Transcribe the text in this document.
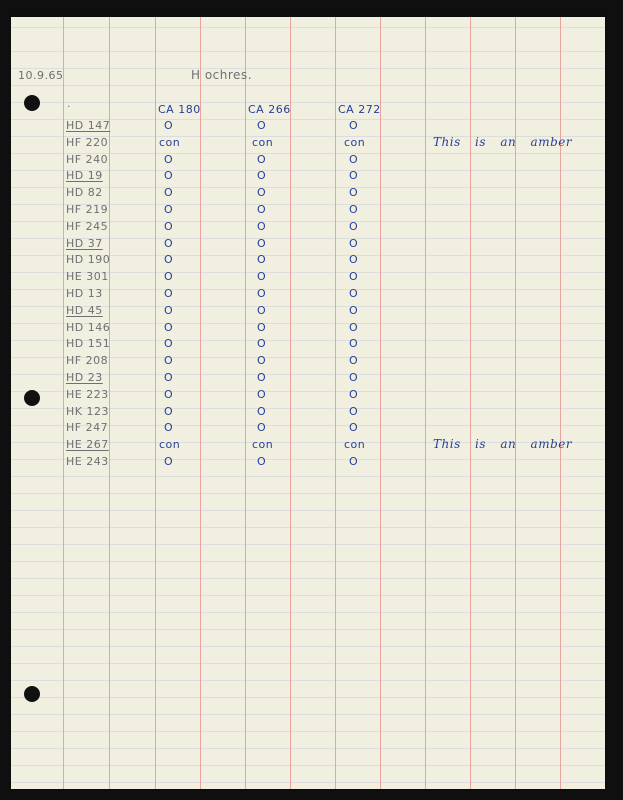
10.9.65	H ochres.
·	CA 180	CA 266	CA 272
HD 147	O	O	O
HF 220	con	con	con	This is an amber
HF 240	O	O	O
HD 19	O	O	O
HD 82	O	O	O
HF 219	O	O	O
HF 245	O	O	O
HD 37	O	O	O
HD 190	O	O	O
HE 301	O	O	O
HD 13	O	O	O
HD 45	O	O	O
HD 146	O	O	O
HD 151	O	O	O
HF 208	O	O	O
HD 23	O	O	O
HE 223	O	O	O
HK 123	O	O	O
HF 247	O	O	O
HE 267	con	con	con	This is an amber
HE 243	O	O	O
